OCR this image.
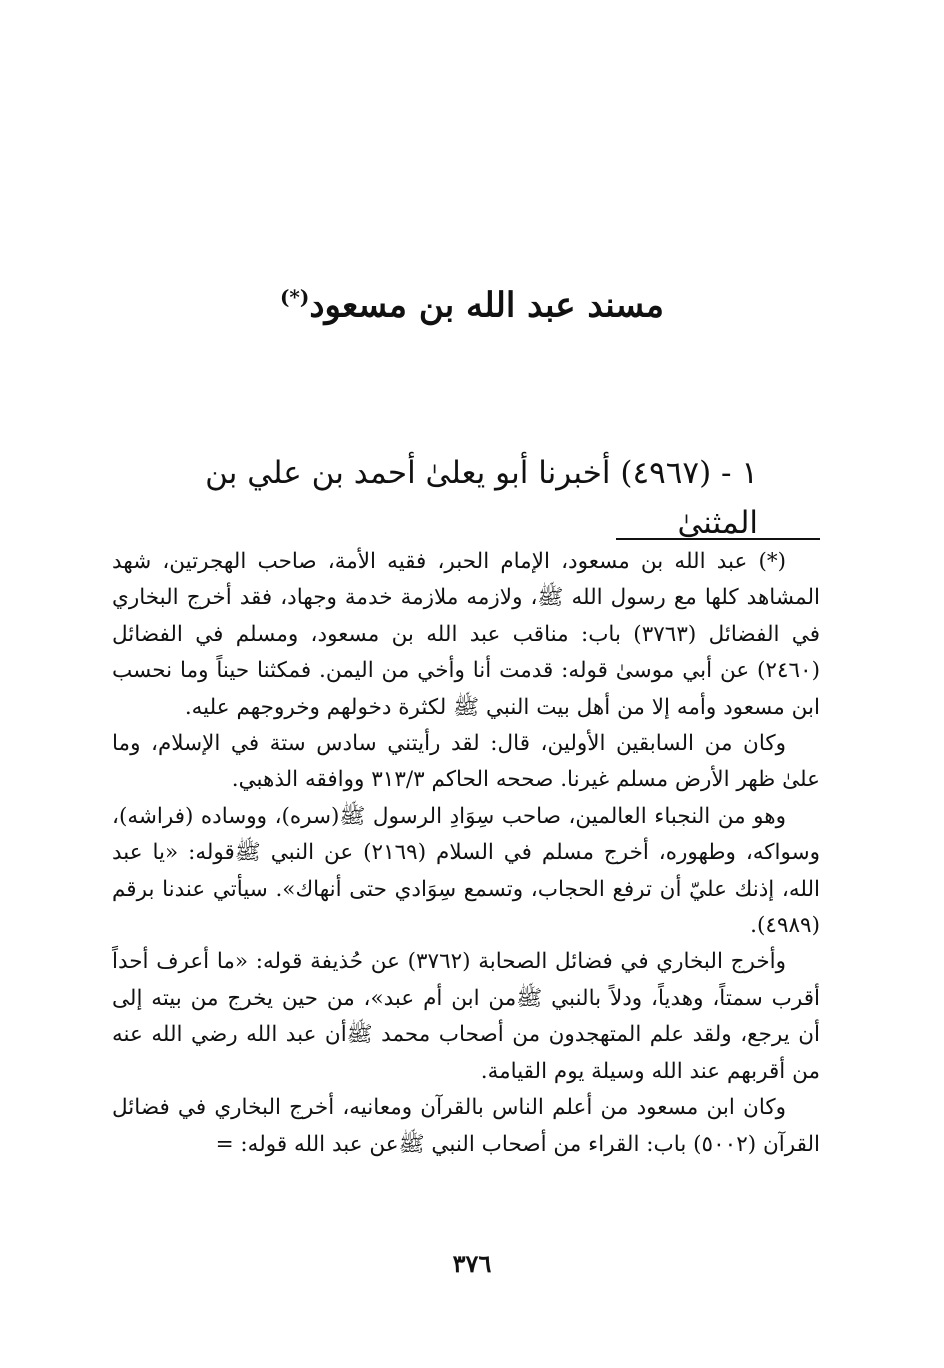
مسند عبد الله بن مسعود(*)
١ - (٤٩٦٧) أخبرنا أبو يعلىٰ أحمد بن علي بن المثنىٰ

(*) عبد الله بن مسعود، الإمام الحبر، فقيه الأمة، صاحب الهجرتين، شهد المشاهد كلها مع رسول الله ﷺ، ولازمه ملازمة خدمة وجهاد، فقد أخرج البخاري في الفضائل (٣٧٦٣) باب: مناقب عبد الله بن مسعود، ومسلم في الفضائل (٢٤٦٠) عن أبي موسىٰ قوله: قدمت أنا وأخي من اليمن. فمكثنا حيناً وما نحسب ابن مسعود وأمه إلا من أهل بيت النبي ﷺ لكثرة دخولهم وخروجهم عليه.

وكان من السابقين الأولين، قال: لقد رأيتني سادس ستة في الإسلام، وما علىٰ ظهر الأرض مسلم غيرنا. صححه الحاكم ٣١٣/٣ ووافقه الذهبي.

وهو من النجباء العالمين، صاحب سِوَادِ الرسول ﷺ(سره)، ووساده (فراشه)، وسواكه، وطهوره، أخرج مسلم في السلام (٢١٦٩) عن النبي ﷺقوله: «يا عبد الله، إذنك عليّ أن ترفع الحجاب، وتسمع سِوَادي حتى أنهاك». سيأتي عندنا برقم (٤٩٨٩).

وأخرج البخاري في فضائل الصحابة (٣٧٦٢) عن حُذيفة قوله: «ما أعرف أحداً أقرب سمتاً، وهدياً، ودلاً بالنبي ﷺمن ابن أم عبد»، من حين يخرج من بيته إلى أن يرجع، ولقد علم المتهجدون من أصحاب محمد ﷺأن عبد الله رضي الله عنه من أقربهم عند الله وسيلة يوم القيامة.

وكان ابن مسعود من أعلم الناس بالقرآن ومعانيه، أخرج البخاري في فضائل القرآن (٥٠٠٢) باب: القراء من أصحاب النبي ﷺعن عبد الله قوله: =

٣٧٦
